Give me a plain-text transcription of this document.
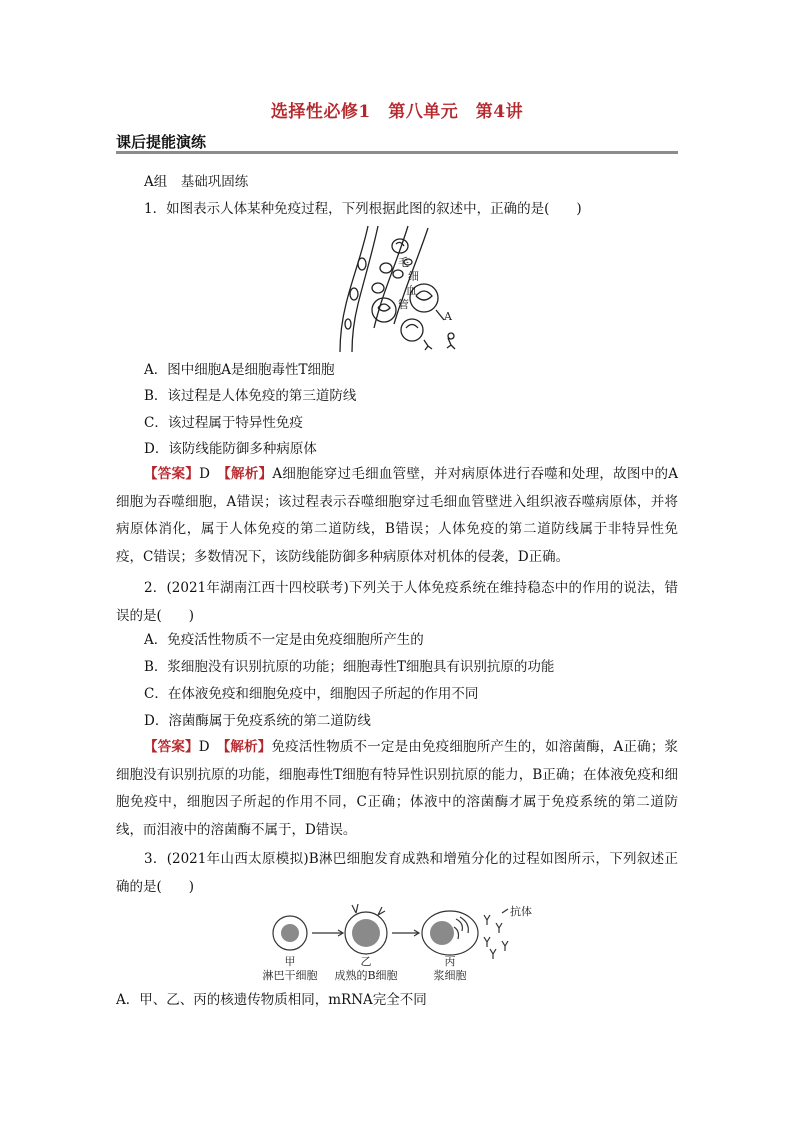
选择性必修1　第八单元　第4讲
课后提能演练
A组　基础巩固练
1．如图表示人体某种免疫过程，下列根据此图的叙述中，正确的是(　　)
毛
细
血
管
A
A．图中细胞A是细胞毒性T细胞
B．该过程是人体免疫的第三道防线
C．该过程属于特异性免疫
D．该防线能防御多种病原体
【答案】D　 【解析】A细胞能穿过毛细血管壁，并对病原体进行吞噬和处理，故图中的A细胞为吞噬细胞，A错误；该过程表示吞噬细胞穿过毛细血管壁进入组织液吞噬病原体，并将病原体消化，属于人体免疫的第二道防线，B错误；人体免疫的第二道防线属于非特异性免疫，C错误；多数情况下，该防线能防御多种病原体对机体的侵袭，D正确。
2．(2021年湖南江西十四校联考)下列关于人体免疫系统在维持稳态中的作用的说法，错误的是(　　)
A．免疫活性物质不一定是由免疫细胞所产生的
B．浆细胞没有识别抗原的功能；细胞毒性T细胞具有识别抗原的功能
C．在体液免疫和细胞免疫中，细胞因子所起的作用不同
D．溶菌酶属于免疫系统的第二道防线
【答案】D　 【解析】免疫活性物质不一定是由免疫细胞所产生的，如溶菌酶，A正确；浆细胞没有识别抗原的功能，细胞毒性T细胞有特异性识别抗原的能力，B正确；在体液免疫和细胞免疫中，细胞因子所起的作用不同，C正确；体液中的溶菌酶才属于免疫系统的第二道防线，而泪液中的溶菌酶不属于，D错误。
3．(2021年山西太原模拟)B淋巴细胞发育成熟和增殖分化的过程如图所示，下列叙述正确的是(　　)
抗体
甲
淋巴干细胞
乙
成熟的B细胞
丙
浆细胞
A．甲、乙、丙的核遗传物质相同，mRNA完全不同
